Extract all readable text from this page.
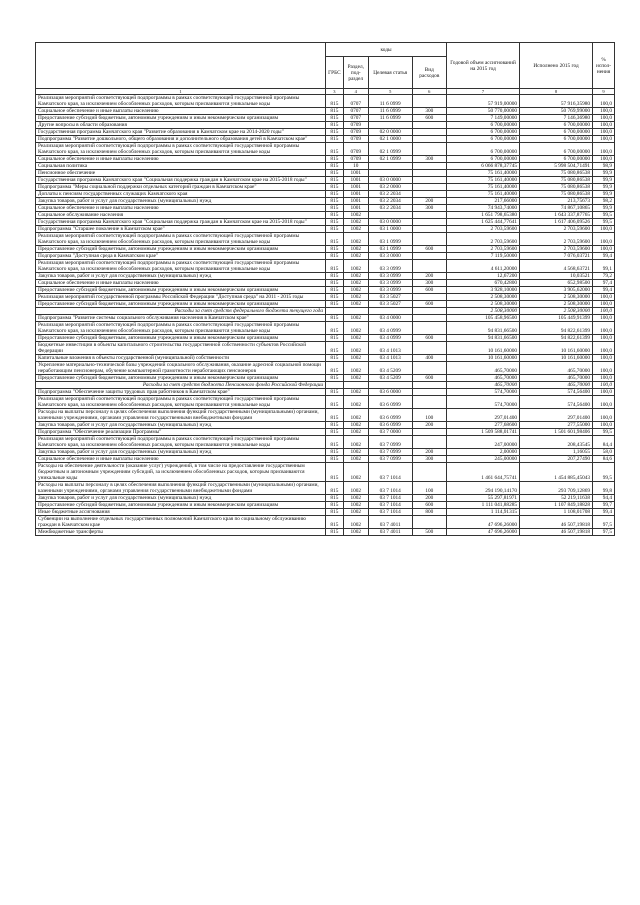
	коды				Годовой объем ассигнований на 2015 год	Исполнено 2015 год	% испол-нения
	ГРБС	Раздел, под-раздел	Целевая статья	Вид расходов			
1	3	4	5	6	7	8	9
Реализация мероприятий соответствующей подпрограммы в рамках соответствующей государственной программы Камчатского края, за исключением обособленных расходов, которым присваиваются уникальные коды	815	0707	11 6 0999		57 919,00000	57 916,35980	100,0
Социальное обеспечение и иные выплаты населению	815	0707	11 6 0999	300	50 770,00000	50 769,99000	100,0
Предоставление субсидий бюджетным, автономным учреждениям и иным некоммерческим организациям	815	0707	11 6 0999	600	7 149,00000	7 146,36980	100,0
Другие вопросы в области образования	815	0709			6 700,00000	6 700,00000	100,0
Государственная программа Камчатского края "Развитие образования в Камчатском крае на 2014-2020 годы"	815	0709	02 0 0000		6 700,00000	6 700,00000	100,0
Подпрограмма "Развитие дошкольного, общего образования и дополнительного образования детей в Камчатском крае"	815	0709	02 1 0000		6 700,00000	6 700,00000	100,0
Реализация мероприятий соответствующей подпрограммы в рамках соответствующей государственной программы Камчатского края, за исключением обособленных расходов, которым присваиваются уникальные коды	815	0709	02 1 0999		6 700,00000	6 700,00000	100,0
Социальное обеспечение и иные выплаты населению	815	0709	02 1 0999	300	6 700,00000	6 700,00000	100,0
Социальная политика	815	10			6 066 878,37745	5 998 504,71491	98,9
Пенсионное обеспечение	815	1001			75 161,40000	75 080,86538	99,9
Государственная программа Камчатского края "Социальная поддержка граждан в Камчатском крае на 2015-2018 годы"	815	1001	03 0 0000		75 161,40000	75 080,86538	99,9
Подпрограмма "Меры социальной поддержки отдельных категорий граждан в Камчатском крае"	815	1001	03 2 0000		75 161,40000	75 080,86538	99,9
Доплаты к пенсиям государственных служащих Камчатского края	815	1001	03 2 2034		75 161,40000	75 080,86538	99,9
Закупка товаров, работ и услуг для государственных (муниципальных) нужд	815	1001	03 2 2034	200	217,66000	213,75673	98,2
Социальное обеспечение и иные выплаты населению	815	1001	03 2 2034	300	74 943,74000	74 867,10865	99,9
Социальное обслуживание населения	815	1002			1 651 798,65380	1 643 337,87765	99,5
Государственная программа Камчатского края "Социальная поддержка граждан в Камчатском крае на 2015-2018 годы"	815	1002	03 0 0000		1 625 444,77641	1 617 406,09526	99,5
Подпрограмма "Старшее поколение в Камчатском крае"	815	1002	03 1 0000		2 703,59600	2 703,59600	100,0
Реализация мероприятий соответствующей подпрограммы в рамках соответствующей государственной программы Камчатского края, за исключением обособленных расходов, которым присваиваются уникальные коды	815	1002	03 1 0999		2 703,59600	2 703,59600	100,0
Предоставление субсидий бюджетным, автономным учреждениям и иным некоммерческим организациям	815	1002	03 1 0999	600	2 703,59600	2 703,59600	100,0
Подпрограмма "Доступная среда в Камчатском крае"	815	1002	03 3 0000		7 119,50000	7 076,03721	99,4
Реализация мероприятий соответствующей подпрограммы в рамках соответствующей государственной программы Камчатского края, за исключением обособленных расходов, которым присваиваются уникальные коды	815	1002	03 3 0999		4 611,20000	4 568,63721	99,1
Закупка товаров, работ и услуг для государственных (муниципальных) нужд	815	1002	03 3 0999	200	12,67200	10,03521	79,2
Социальное обеспечение и иные выплаты населению	815	1002	03 3 0999	300	670,42800	652,98500	97,4
Предоставление субсидий бюджетным, автономным учреждениям и иным некоммерческим организациям	815	1002	03 3 0999	600	3 928,10000	3 905,62000	99,4
Реализация мероприятий государственной программы Российской Федерации "Доступная среда" на 2011 - 2015 годы	815	1002	03 3 5027		2 508,30000	2 508,30000	100,0
Предоставление субсидий бюджетным, автономным учреждениям и иным некоммерческим организациям	815	1002	03 3 5027	600	2 508,30000	2 508,30000	100,0
Расходы за счет средств федерального бюджета текущего года					2 508,30000	2 508,30000	100,0
Подпрограмма "Развитие системы социального обслуживания населения в Камчатском крае"	815	1002	03 4 0000		105 458,96500	105 449,91399	100,0
Реализация мероприятий соответствующей подпрограммы в рамках соответствующей государственной программы Камчатского края, за исключением обособленных расходов, которым присваиваются уникальные коды	815	1002	03 4 0999		94 831,66500	94 822,61399	100,0
Предоставление субсидий бюджетным, автономным учреждениям и иным некоммерческим организациям	815	1002	03 4 0999	600	94 831,66500	94 822,61399	100,0
Бюджетные инвестиции в объекты капитального строительства государственной собственности субъектов Российской Федерации	815	1002	03 4 1013		10 161,60000	10 161,60000	100,0
Капитальные вложения в объекты государственной (муниципальной) собственности	815	1002	03 4 1013	400	10 161,60000	10 161,60000	100,0
Укрепление материально-технической базы учреждений социального обслуживания, оказание адресной социальной помощи неработающим пенсионерам, обучение компьютерной грамотности неработающих пенсионеров	815	1002	03 4 5209		465,70000	465,70000	100,0
Предоставление субсидий бюджетным, автономным учреждениям и иным некоммерческим организациям	815	1002	03 4 5209	600	465,70000	465,70000	100,0
Расходы за счет средств бюджета Пенсионного фонда Российской Федерации					465,70000	465,70000	100,0
Подпрограмма "Обеспечение защиты трудовых прав работников в Камчатском крае"	815	1002	03 6 0000		574,70000	574,56400	100,0
Реализация мероприятий соответствующей подпрограммы в рамках соответствующей государственной программы Камчатского края, за исключением обособленных расходов, которым присваиваются уникальные коды	815	1002	03 6 0999		574,70000	574,56400	100,0
Расходы на выплаты персоналу в целях обеспечения выполнения функций государственными (муниципальными) органами, казенными учреждениями, органами управления государственными внебюджетными фондами	815	1002	03 6 0999	100	297,01400	297,01400	100,0
Закупка товаров, работ и услуг для государственных (муниципальных) нужд	815	1002	03 6 0999	200	277,68600	277,55000	100,0
Подпрограмма "Обеспечение реализации Программы"	815	1002	03 7 0000		1 509 588,01741	1 501 601,98406	99,5
Реализация мероприятий соответствующей подпрограммы в рамках соответствующей государственной программы Камчатского края, за исключением обособленных расходов, которым присваиваются уникальные коды	815	1002	03 7 0999		247,00000	208,43545	84,4
Закупка товаров, работ и услуг для государственных (муниципальных) нужд	815	1002	03 7 0999	200	2,00000	1,16055	58,0
Социальное обеспечение и иные выплаты населению	815	1002	03 7 0999	300	245,00000	207,27490	84,6
Расходы на обеспечение деятельности (оказание услуг) учреждений, в том числе на предоставление государственным бюджетным и автономным учреждениям субсидий, за исключением обособленных расходов, которым присваиваются уникальные коды	815	1002	03 7 1014		1 461 644,75741	1 454 885,45043	99,5
Расходы на выплаты персоналу в целях обеспечения выполнения функций государственными (муниципальными) органами, казенными учреждениями, органами управления государственными внебюджетными фондами	815	1002	03 7 1014	100	294 190,14170	293 709,12869	99,8
Закупка товаров, работ и услуг для государственных (муниципальных) нужд	815	1002	03 7 1014	200	55 297,81971	52 219,11638	94,4
Предоставление субсидий бюджетным, автономным учреждениям и иным некоммерческим организациям	815	1002	03 7 1014	600	1 111 041,88285	1 107 849,18828	99,7
Иные бюджетные ассигнования	815	1002	03 7 1014	800	1 114,91315	1 108,01708	99,4
Субвенции на выполнение отдельных государственных полномочий Камчатского края по социальному обслуживанию граждан в Камчатском крае	815	1002	03 7 4011		47 696,26000	46 507,19818	97,5
Межбюджетные трансферты	815	1002	03 7 4011	500	47 696,26000	46 507,19818	97,5
